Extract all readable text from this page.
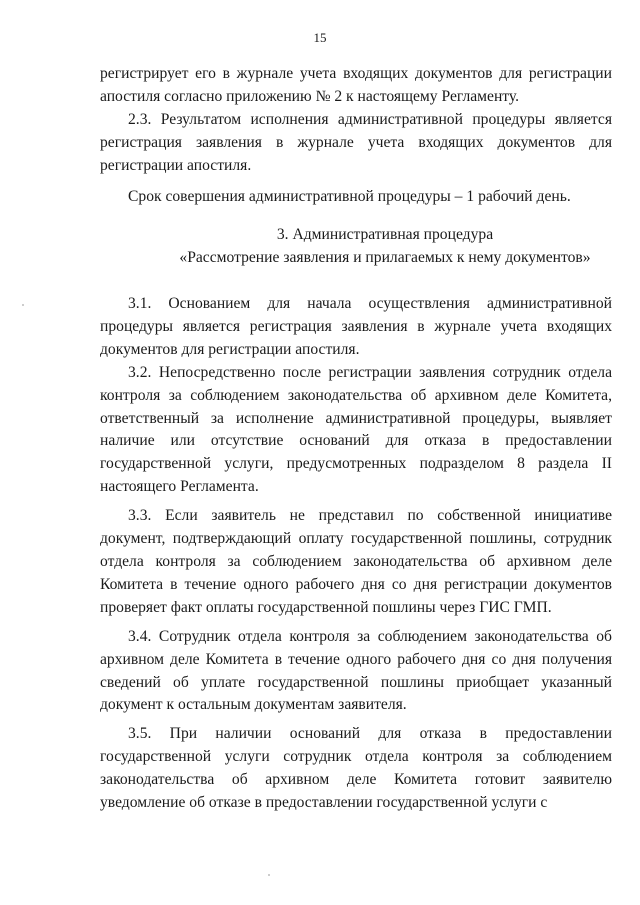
15

регистрирует его в журнале учета входящих документов для регистрации апостиля согласно приложению № 2 к настоящему Регламенту.

2.3. Результатом исполнения административной процедуры является регистрация заявления в журнале учета входящих документов для регистрации апостиля.

Срок совершения административной процедуры – 1 рабочий день.

3. Административная процедура
«Рассмотрение заявления и прилагаемых к нему документов»

3.1. Основанием для начала осуществления административной процедуры является регистрация заявления в журнале учета входящих документов для регистрации апостиля.

3.2. Непосредственно после регистрации заявления сотрудник отдела контроля за соблюдением законодательства об архивном деле Комитета, ответственный за исполнение административной процедуры, выявляет наличие или отсутствие оснований для отказа в предоставлении государственной услуги, предусмотренных подразделом 8 раздела II настоящего Регламента.

3.3. Если заявитель не представил по собственной инициативе документ, подтверждающий оплату государственной пошлины, сотрудник отдела контроля за соблюдением законодательства об архивном деле Комитета в течение одного рабочего дня со дня регистрации документов проверяет факт оплаты государственной пошлины через ГИС ГМП.

3.4. Сотрудник отдела контроля за соблюдением законодательства об архивном деле Комитета в течение одного рабочего дня со дня получения сведений об уплате государственной пошлины приобщает указанный документ к остальным документам заявителя.

3.5. При наличии оснований для отказа в предоставлении государственной услуги сотрудник отдела контроля за соблюдением законодательства об архивном деле Комитета готовит заявителю уведомление об отказе в предоставлении государственной услуги с
